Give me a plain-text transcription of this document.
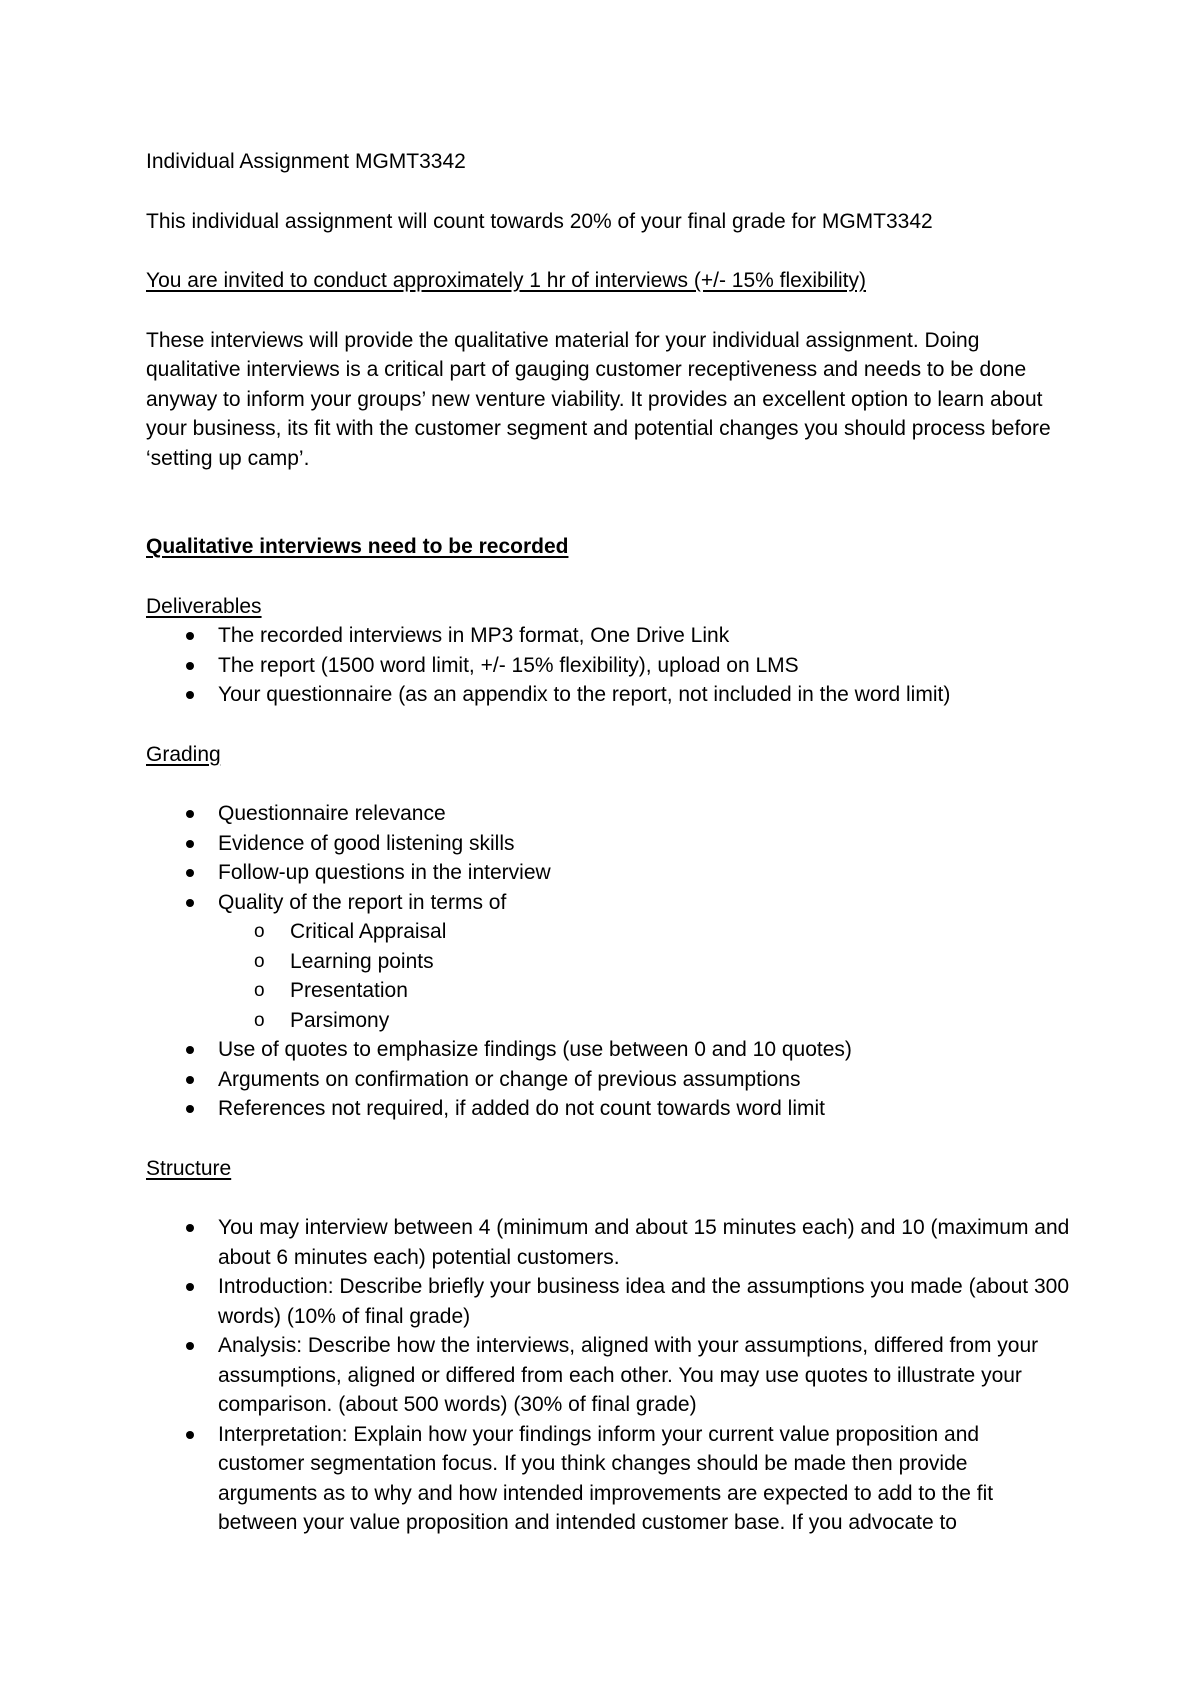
Individual Assignment MGMT3342

This individual assignment will count towards 20% of your final grade for MGMT3342

You are invited to conduct approximately 1 hr of interviews (+/- 15% flexibility)

These interviews will provide the qualitative material for your individual assignment. Doing qualitative interviews is a critical part of gauging customer receptiveness and needs to be done anyway to inform your groups’ new venture viability. It provides an excellent option to learn about your business, its fit with the customer segment and potential changes you should process before ‘setting up camp’.

Qualitative interviews need to be recorded

Deliverables

The recorded interviews in MP3 format, One Drive Link
The report (1500 word limit, +/- 15% flexibility), upload on LMS
Your questionnaire (as an appendix to the report, not included in the word limit)

Grading

Questionnaire relevance
Evidence of good listening skills
Follow-up questions in the interview
Quality of the report in terms of
o Critical Appraisal
o Learning points
o Presentation
o Parsimony
Use of quotes to emphasize findings (use between 0 and 10 quotes)
Arguments on confirmation or change of previous assumptions
References not required, if added do not count towards word limit

Structure

You may interview between 4 (minimum and about 15 minutes each) and 10 (maximum and about 6 minutes each) potential customers.
Introduction: Describe briefly your business idea and the assumptions you made (about 300 words) (10% of final grade)
Analysis: Describe how the interviews, aligned with your assumptions, differed from your assumptions, aligned or differed from each other. You may use quotes to illustrate your comparison. (about 500 words) (30% of final grade)
Interpretation: Explain how your findings inform your current value proposition and customer segmentation focus. If you think changes should be made then provide arguments as to why and how intended improvements are expected to add to the fit between your value proposition and intended customer base. If you advocate to
